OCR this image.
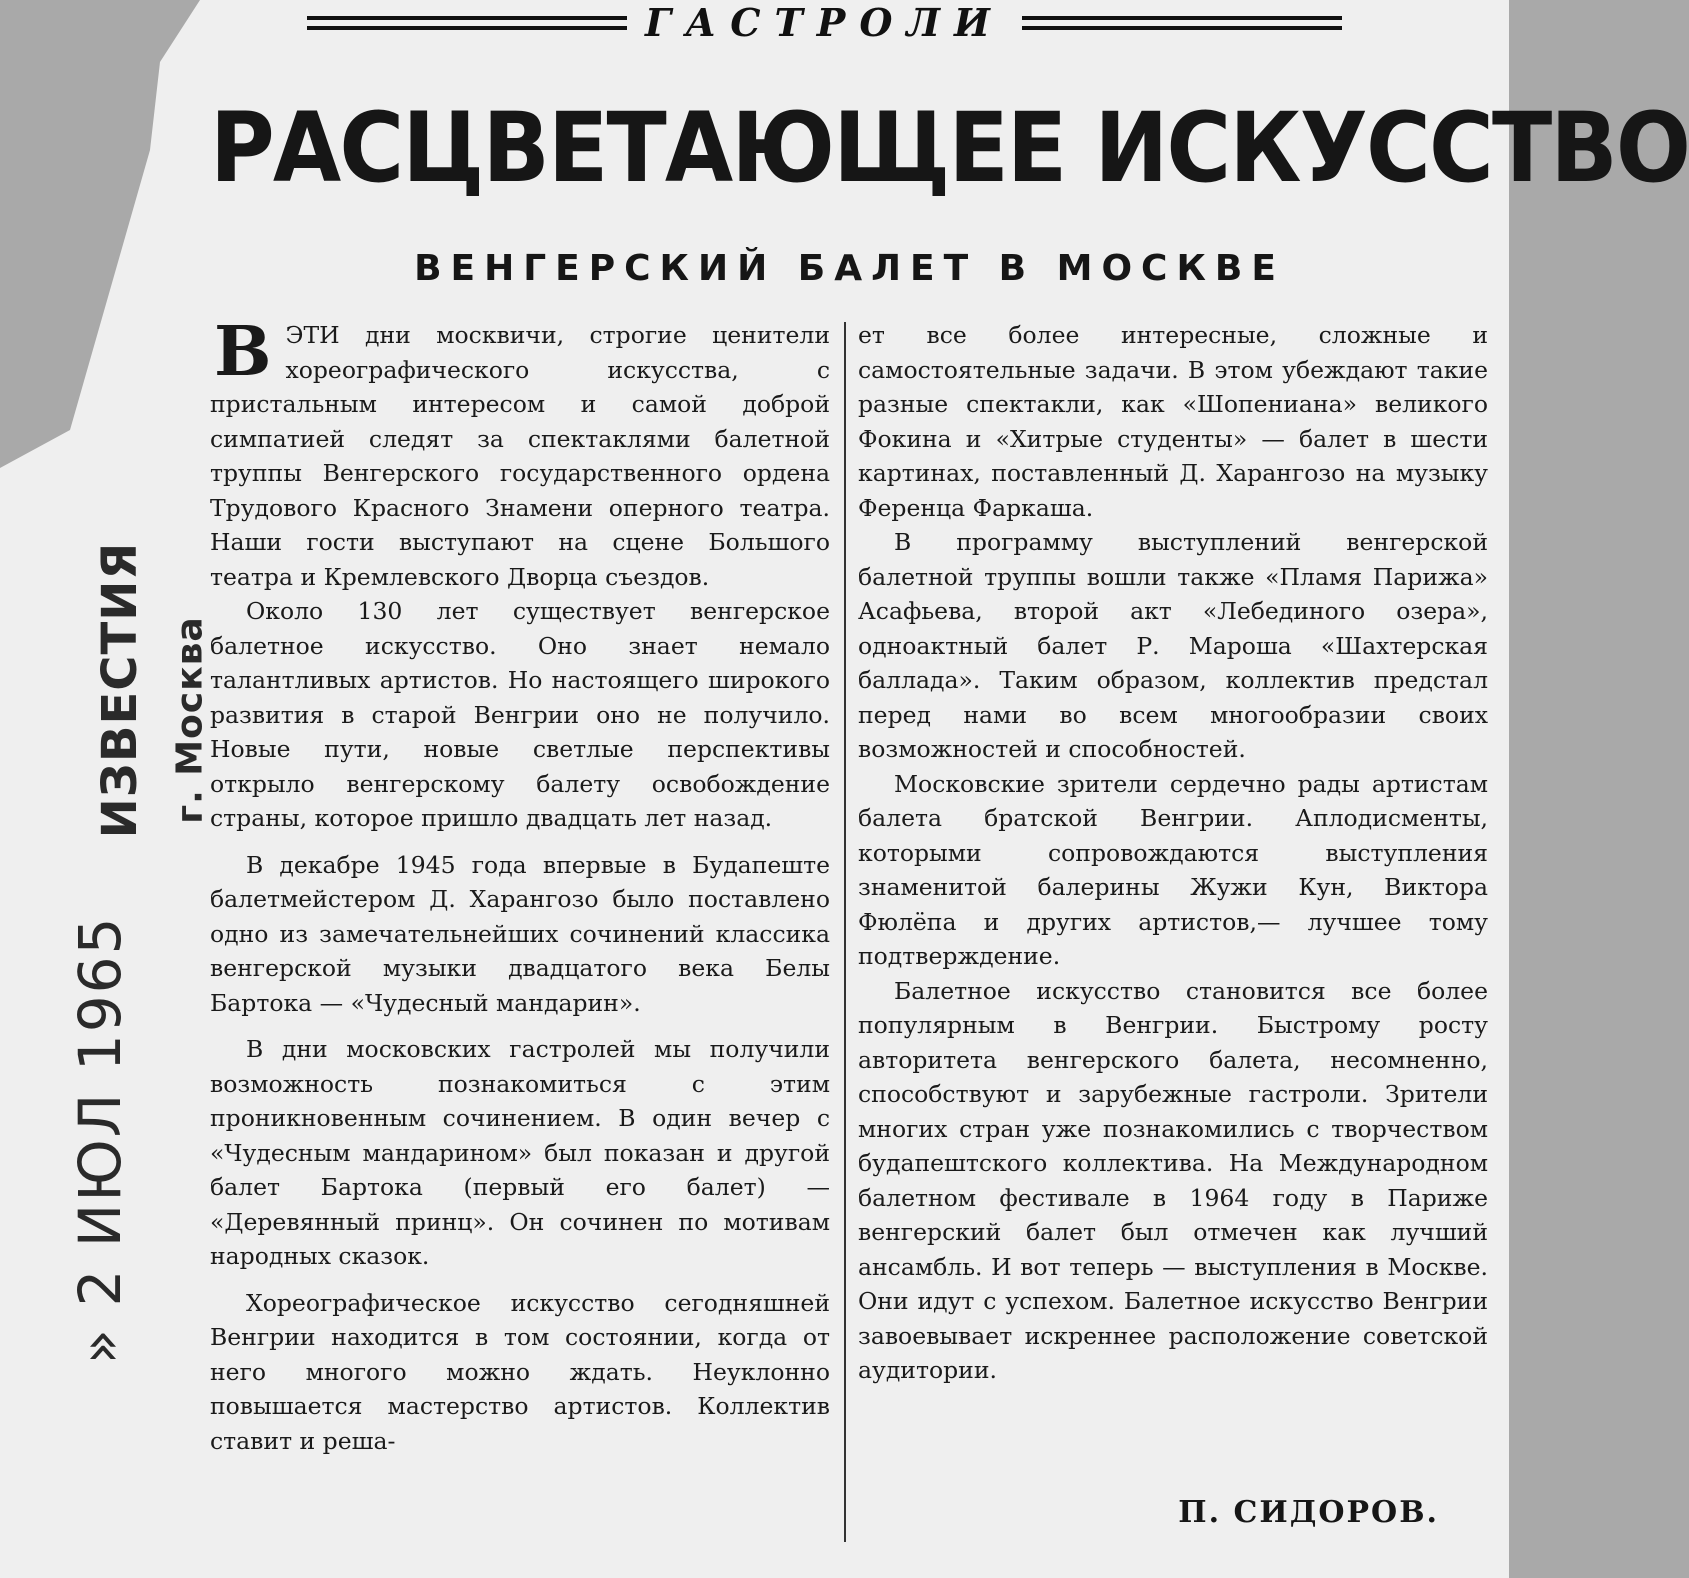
ГАСТРОЛИ
РАСЦВЕТАЮЩЕЕ ИСКУССТВО
ВЕНГЕРСКИЙ БАЛЕТ В МОСКВЕ

ВЭТИ дни москвичи, строгие ценители хореографического искусства, с пристальным интересом и самой доброй симпатией следят за спектаклями балетной труппы Венгерского государственного ордена Трудового Красного Знамени оперного театра. Наши гости выступают на сцене Большого театра и Кремлевского Дворца съездов.

Около 130 лет существует венгерское балетное искусство. Оно знает немало талантливых артистов. Но настоящего широкого развития в старой Венгрии оно не получило. Новые пути, новые светлые перспективы открыло венгерскому балету освобождение страны, которое пришло двадцать лет назад.

В декабре 1945 года впервые в Будапеште балетмейстером Д. Харангозо было поставлено одно из замечательнейших сочинений классика венгерской музыки двадцатого века Белы Бартока — «Чудесный мандарин».

В дни московских гастролей мы получили возможность познакомиться с этим проникновенным сочинением. В один вечер с «Чудесным мандарином» был показан и другой балет Бартока (первый его балет) — «Деревянный принц». Он сочинен по мотивам народных сказок.

Хореографическое искусство сегодняшней Венгрии находится в том состоянии, когда от него многого можно ждать. Неуклонно повышается мастерство артистов. Коллектив ставит и реша-

ет все более интересные, сложные и самостоятельные задачи. В этом убеждают такие разные спектакли, как «Шопениана» великого Фокина и «Хитрые студенты» — балет в шести картинах, поставленный Д. Харангозо на музыку Ференца Фаркаша.

В программу выступлений венгерской балетной труппы вошли также «Пламя Парижа» Асафьева, второй акт «Лебединого озера», одноактный балет Р. Мароша «Шахтерская баллада». Таким образом, коллектив предстал перед нами во всем многообразии своих возможностей и способностей.

Московские зрители сердечно рады артистам балета братской Венгрии. Аплодисменты, которыми сопровождаются выступления знаменитой балерины Жужи Кун, Виктора Фюлёпа и других артистов,— лучшее тому подтверждение.

Балетное искусство становится все более популярным в Венгрии. Быстрому росту авторитета венгерского балета, несомненно, способствуют и зарубежные гастроли. Зрители многих стран уже познакомились с творчеством будапештского коллектива. На Международном балетном фестивале в 1964 году в Париже венгерский балет был отмечен как лучший ансамбль. И вот теперь — выступления в Москве. Они идут с успехом. Балетное искусство Венгрии завоевывает искреннее расположение советской аудитории.

П. СИДОРОВ.
ИЗВЕСТИЯ г. Москва
» 2 ИЮЛ 1965
